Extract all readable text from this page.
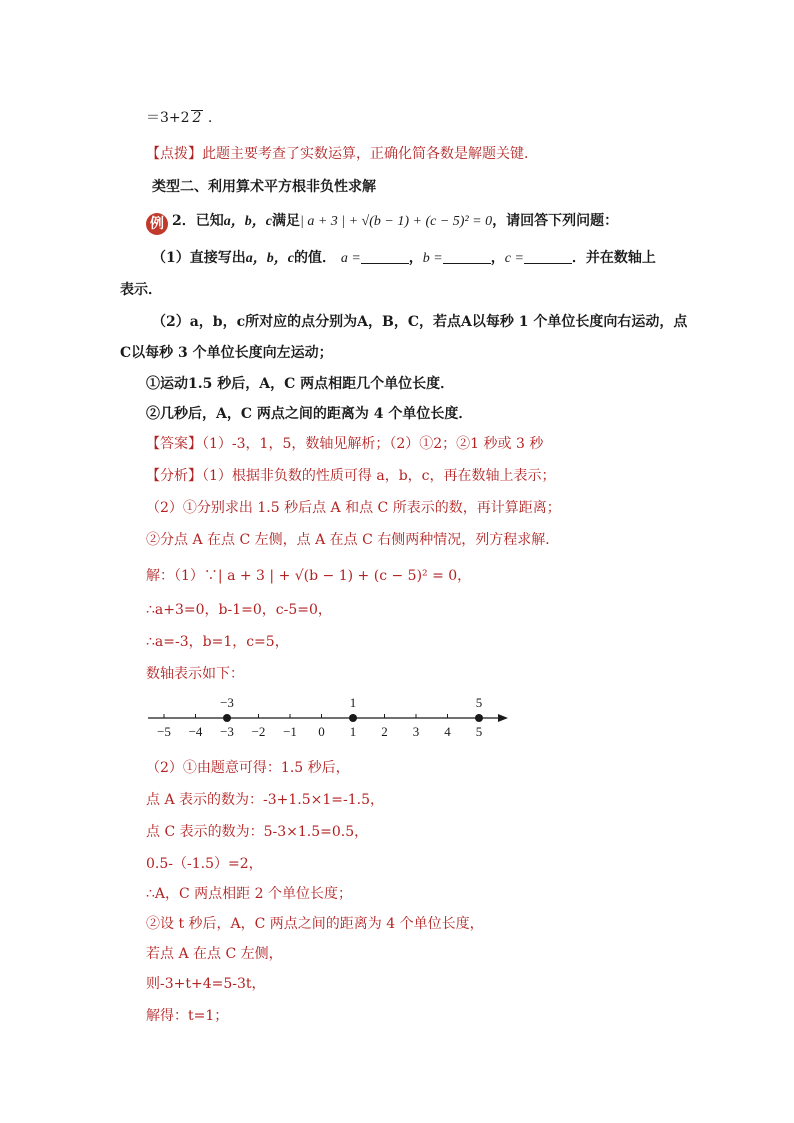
＝3+2 2 .
【点拨】此题主要考查了实数运算，正确化简各数是解题关键．
类型二、利用算术平方根非负性求解
例 2．已知a，b，c满足| a + 3 | + √(b − 1) + (c − 5)² = 0，请回答下列问题：
（1）直接写出a，b，c的值． a =	，b =	，c =	．并在数轴上
表示．
（2）a，b，c所对应的点分别为A，B，C，若点A以每秒 1 个单位长度向右运动，点
C以每秒 3 个单位长度向左运动；
①运动1.5 秒后，A，C 两点相距几个单位长度．
②几秒后，A，C 两点之间的距离为 4 个单位长度．
【答案】（1）-3，1，5，数轴见解析；（2）①2；②1 秒或 3 秒
【分析】（1）根据非负数的性质可得 a，b，c，再在数轴上表示；
（2）①分别求出 1.5 秒后点 A 和点 C 所表示的数，再计算距离；
②分点 A 在点 C 左侧，点 A 在点 C 右侧两种情况，列方程求解．
解：（1）∵| a + 3 | + √(b − 1) + (c − 5)² = 0，
∴a+3=0，b-1=0，c-5=0，
∴a=-3，b=1，c=5，
数轴表示如下：
−5 −4 −3 −2 −1 0 1 2 3 4 5
−3	1	5
（2）①由题意可得：1.5 秒后，
点 A 表示的数为：-3+1.5×1=-1.5，
点 C 表示的数为：5-3×1.5=0.5，
0.5-（-1.5）=2，
∴A，C 两点相距 2 个单位长度；
②设 t 秒后，A，C 两点之间的距离为 4 个单位长度，
若点 A 在点 C 左侧，
则-3+t+4=5-3t，
解得：t=1；
